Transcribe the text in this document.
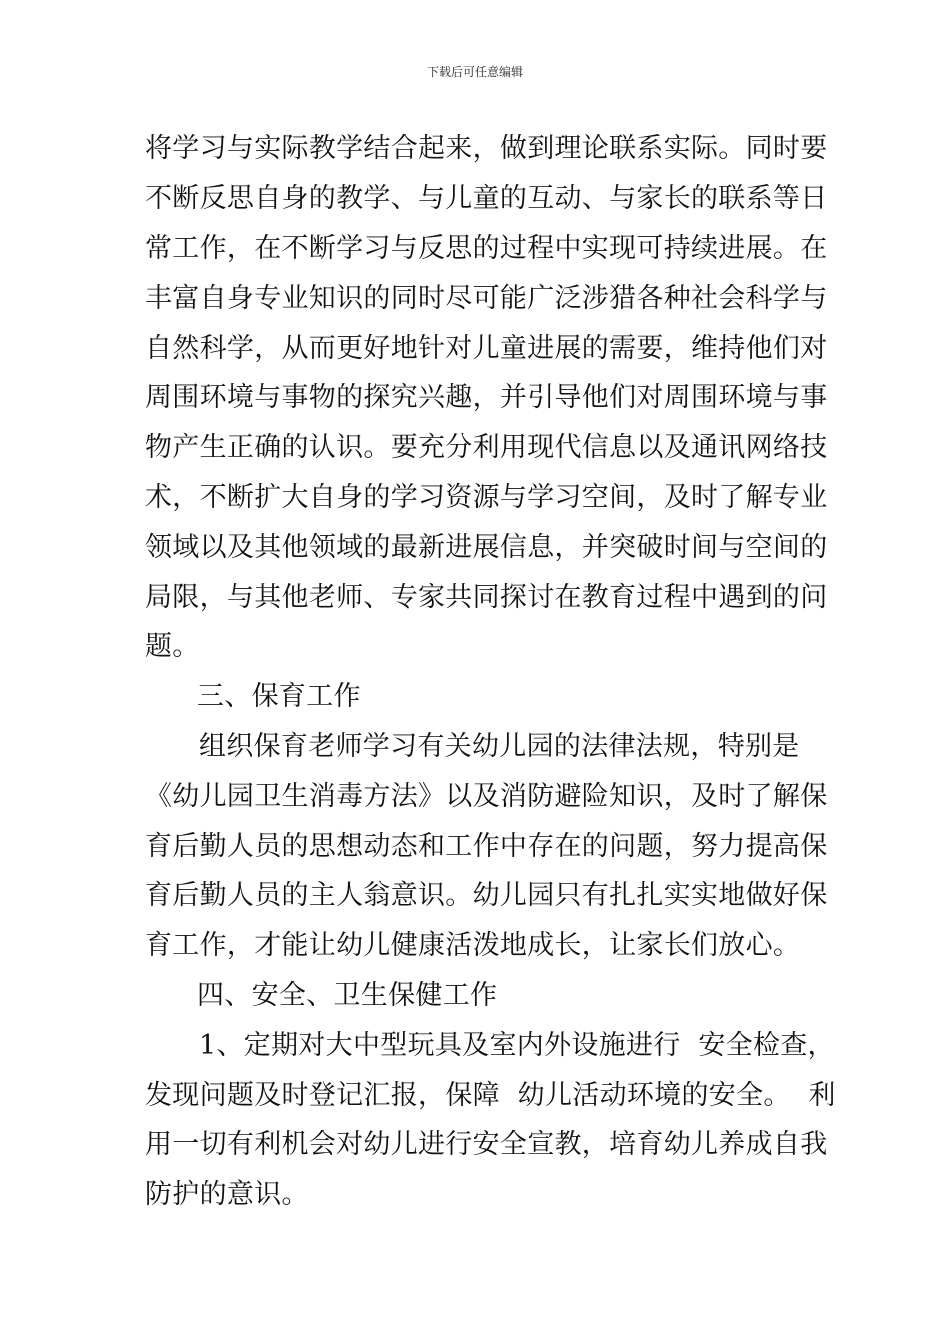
下载后可任意编辑
将学习与实际教学结合起来，做到理论联系实际。同时要
不断反思自身的教学、与儿童的互动、与家长的联系等日
常工作，在不断学习与反思的过程中实现可持续进展。在
丰富自身专业知识的同时尽可能广泛涉猎各种社会科学与
自然科学，从而更好地针对儿童进展的需要，维持他们对
周围环境与事物的探究兴趣，并引导他们对周围环境与事
物产生正确的认识。要充分利用现代信息以及通讯网络技
术，不断扩大自身的学习资源与学习空间，及时了解专业
领域以及其他领域的最新进展信息，并突破时间与空间的
局限，与其他老师、专家共同探讨在教育过程中遇到的问
题。
三、保育工作
组织保育老师学习有关幼儿园的法律法规，特别是
《幼儿园卫生消毒方法》以及消防避险知识，及时了解保
育后勤人员的思想动态和工作中存在的问题，努力提高保
育后勤人员的主人翁意识。幼儿园只有扎扎实实地做好保
育工作，才能让幼儿健康活泼地成长，让家长们放心。
四、安全、卫生保健工作
1、定期对大中型玩具及室内外设施进行  安全检查，
发现问题及时登记汇报，保障  幼儿活动环境的安全。  利
用一切有利机会对幼儿进行安全宣教，培育幼儿养成自我
防护的意识。
